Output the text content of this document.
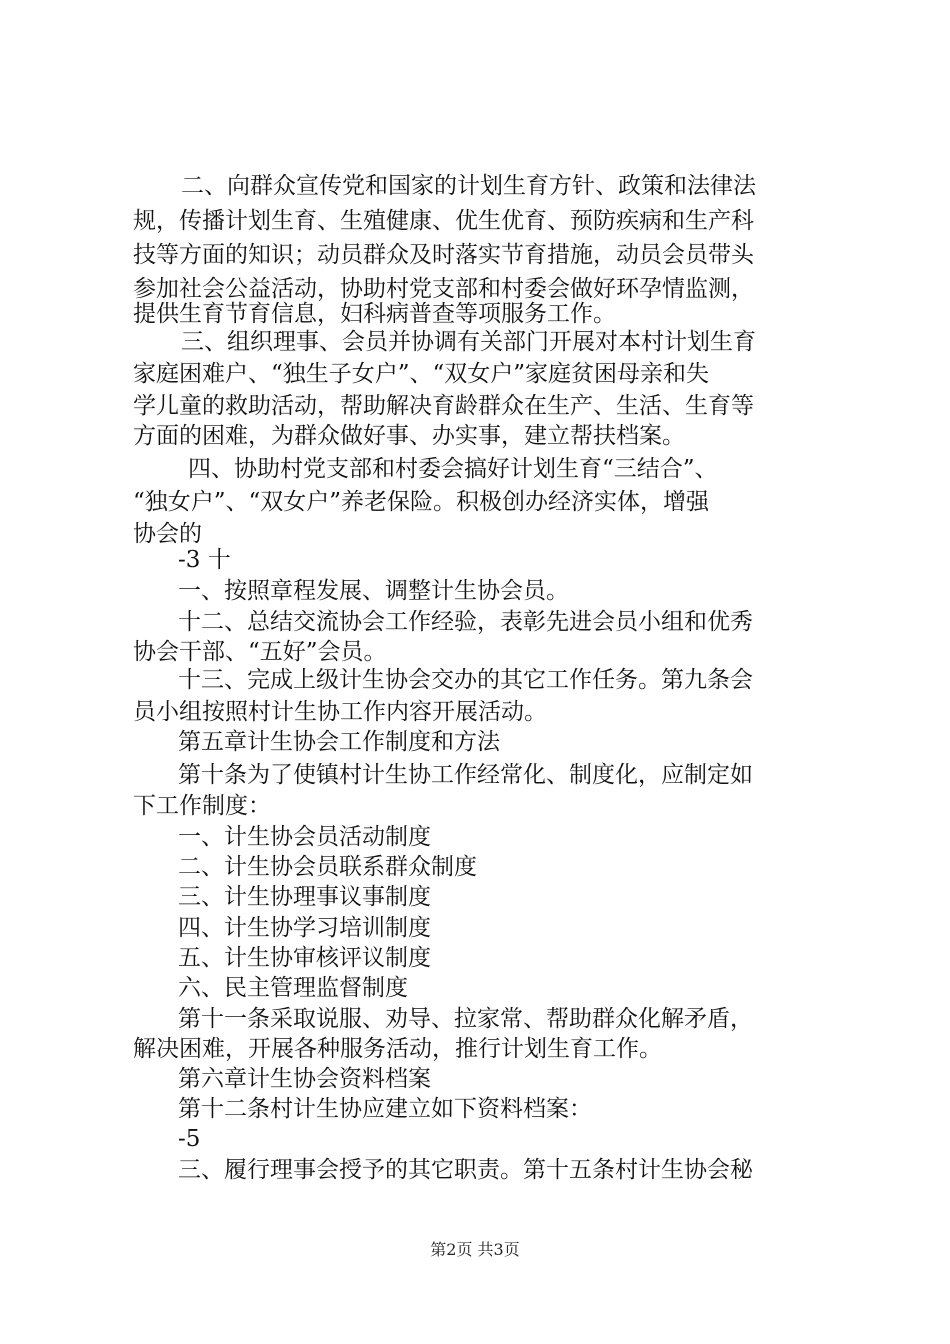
二、向群众宣传党和国家的计划生育方针、政策和法律法
规，传播计划生育、生殖健康、优生优育、预防疾病和生产科
技等方面的知识；动员群众及时落实节育措施，动员会员带头
参加社会公益活动，协助村党支部和村委会做好环孕情监测，
提供生育节育信息，妇科病普查等项服务工作。
三、组织理事、会员并协调有关部门开展对本村计划生育
家庭困难户、“独生子女户”、“双女户”家庭贫困母亲和失
学儿童的救助活动，帮助解决育龄群众在生产、生活、生育等
方面的困难，为群众做好事、办实事，建立帮扶档案。
四、协助村党支部和村委会搞好计划生育“三结合”、
“独女户”、“双女户”养老保险。积极创办经济实体，增强
协会的
-3 十
一、按照章程发展、调整计生协会员。
十二、总结交流协会工作经验，表彰先进会员小组和优秀
协会干部、“五好”会员。
十三、完成上级计生协会交办的其它工作任务。第九条会
员小组按照村计生协工作内容开展活动。
第五章计生协会工作制度和方法
第十条为了使镇村计生协工作经常化、制度化，应制定如
下工作制度：
一、计生协会员活动制度
二、计生协会员联系群众制度
三、计生协理事议事制度
四、计生协学习培训制度
五、计生协审核评议制度
六、民主管理监督制度
第十一条采取说服、劝导、拉家常、帮助群众化解矛盾，
解决困难，开展各种服务活动，推行计划生育工作。
第六章计生协会资料档案
第十二条村计生协应建立如下资料档案：
-5
三、履行理事会授予的其它职责。第十五条村计生协会秘
第2页 共3页
